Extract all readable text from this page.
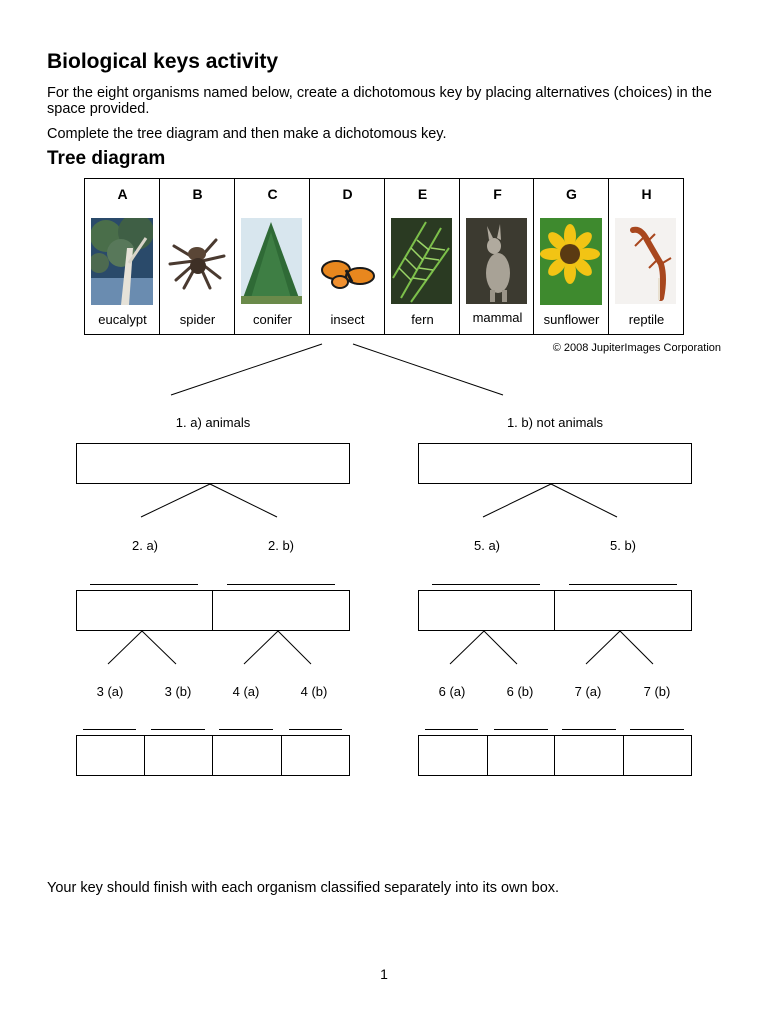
Biological keys activity

For the eight organisms named below, create a dichotomous key by placing alternatives (choices) in the space provided.

Complete the tree diagram and then make a dichotomous key.

Tree diagram
A	B	C	D	E	F	G	H
eucalypt	spider	conifer	insect	fern	mammal	sunflower	reptile
© 2008 JupiterImages Corporation
1. a) animals	1. b) not animals
2. a)	2. b)	5. a)	5. b)
3 (a)	3 (b)	4 (a)	4 (b)	6 (a)	6 (b)	7 (a)	7 (b)

Your key should finish with each organism classified separately into its own box.

1
